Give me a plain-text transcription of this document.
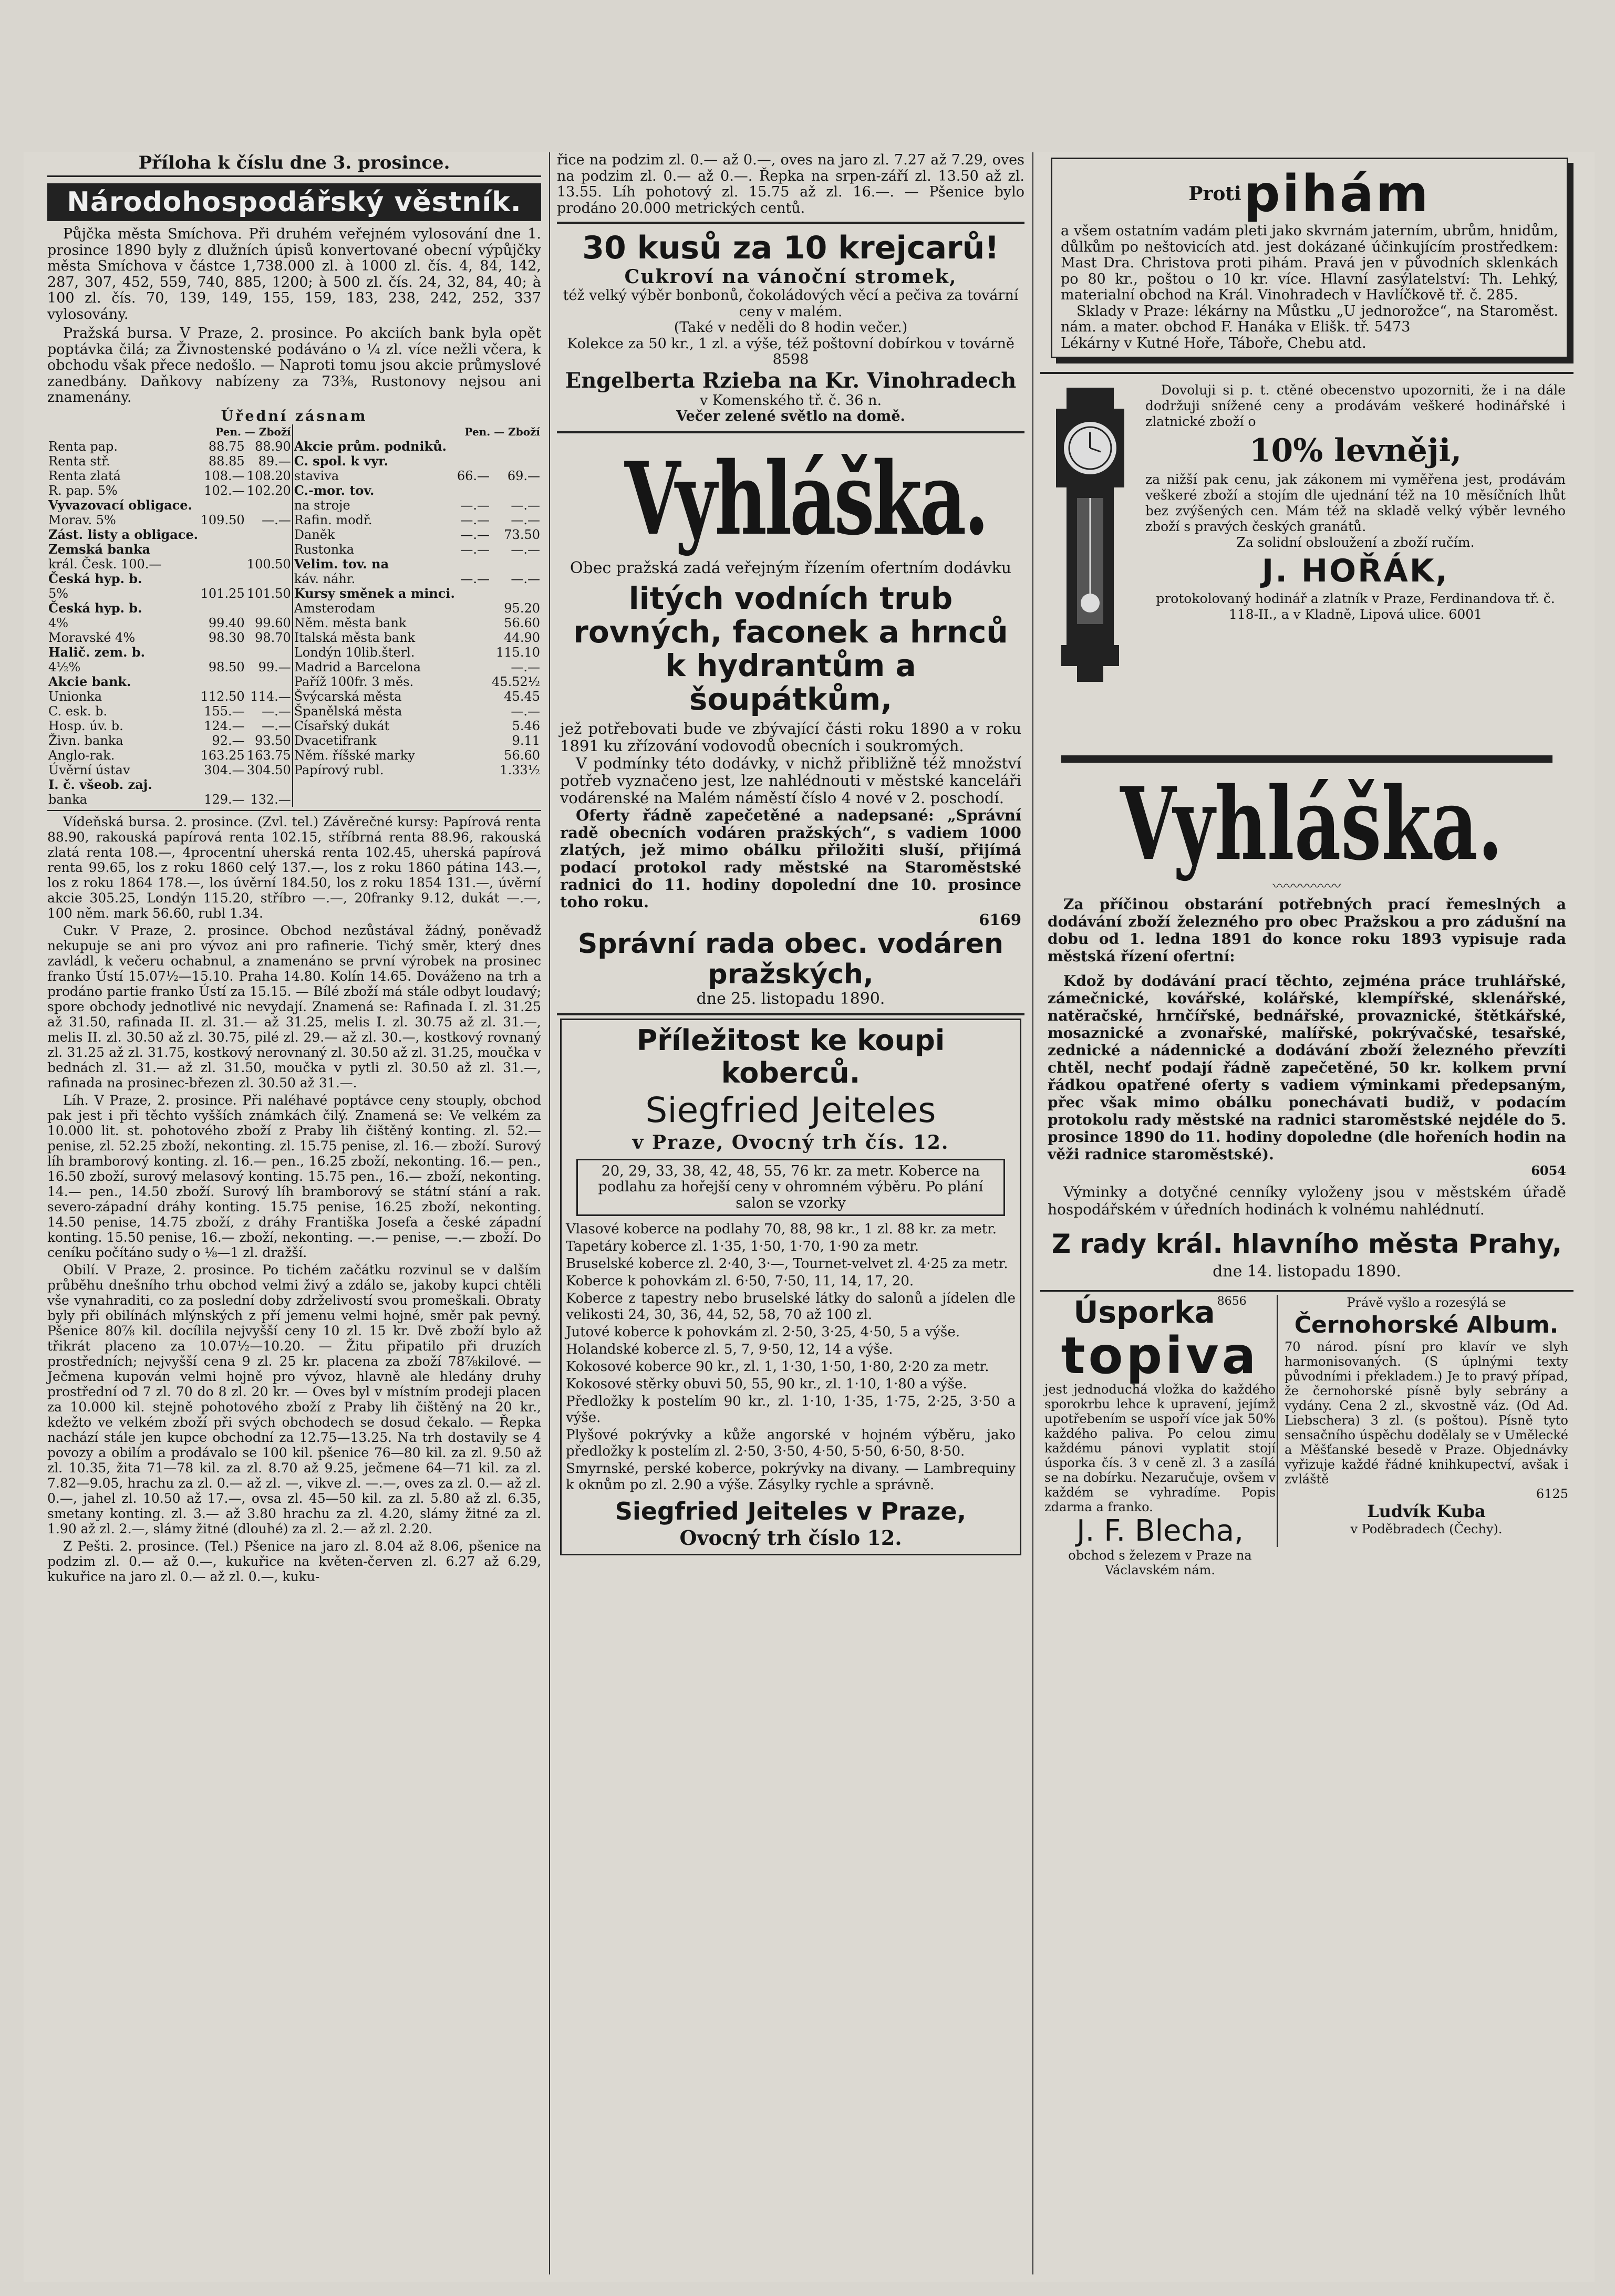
Příloha k číslu dne 3. prosince.
Národohospodářský věstník.

Půjčka města Smíchova. Při druhém veřejném vylosování dne 1. prosince 1890 byly z dlužních úpisů konvertované obecní výpůjčky města Smíchova v částce 1,738.000 zl. à 1000 zl. čís. 4, 84, 142, 287, 307, 452, 559, 740, 885, 1200; à 500 zl. čís. 24, 32, 84, 40; à 100 zl. čís. 70, 139, 149, 155, 159, 183, 238, 242, 252, 337 vylosovány.

Pražská bursa. V Praze, 2. prosince. Po akciích bank byla opět poptávka čilá; za Živnostenské podáváno o ¼ zl. více nežli včera, k obchodu však přece nedošlo. — Naproti tomu jsou akcie průmyslové zanedbány. Daňkovy nabízeny za 73⅜, Rustonovy nejsou ani znamenány.

Úřední zásnam
	Pen. — Zboží
Renta pap.	88.75	88.90
Renta stř.	88.85	89.—
Renta zlatá	108.—	108.20
R. pap. 5%	102.—	102.20
Vyvazovací obligace.		
Morav. 5%	109.50	—.—
Zást. listy a obligace.		
Zemská banka		
král. Česk. 100.—		100.50
Česká hyp. b.		
5%	101.25	101.50
Česká hyp. b.		
4%	99.40	99.60
Moravské 4%	98.30	98.70
Halič. zem. b.		
4½%	98.50	99.—
Akcie bank.		
Unionka	112.50	114.—
C. esk. b.	155.—	—.—
Hosp. úv. b.	124.—	—.—
Živn. banka	92.—	93.50
Anglo-rak.	163.25	163.75
Úvěrní ústav	304.—	304.50
I. č. všeob. zaj.		
banka	129.—	132.—

	Pen. — Zboží
Akcie prům. podniků.		
C. spol. k vyr.		
staviva	66.—	69.—
C.-mor. tov.		
na stroje	—.—	—.—
Rafin. modř.	—.—	—.—
Daněk	—.—	73.50
Rustonka	—.—	—.—
Velim. tov. na		
káv. náhr.	—.—	—.—
Kursy směnek a minci.		
Amsterodam		95.20
Něm. města bank		56.60
Italská města bank		44.90
Londýn 10lib.šterl.		115.10
Madrid a Barcelona		—.—
Paříž 100fr. 3 měs.		45.52½
Švýcarská města		45.45
Španělská města		—.—
Císařský dukát		5.46
Dvacetifrank		9.11
Něm. říšské marky		56.60
Papírový rubl.		1.33½

Vídeňská bursa. 2. prosince. (Zvl. tel.) Závěrečné kursy: Papírová renta 88.90, rakouská papírová renta 102.15, stříbrná renta 88.96, rakouská zlatá renta 108.—, 4procentní uherská renta 102.45, uherská papírová renta 99.65, los z roku 1860 celý 137.—, los z roku 1860 pátina 143.—, los z roku 1864 178.—, los úvěrní 184.50, los z roku 1854 131.—, úvěrní akcie 305.25, Londýn 115.20, stříbro —.—, 20franky 9.12, dukát —.—, 100 něm. mark 56.60, rubl 1.34.

Cukr. V Praze, 2. prosince. Obchod nezůstával žádný, poněvadž nekupuje se ani pro vývoz ani pro rafinerie. Tichý směr, který dnes zavládl, k večeru ochabnul, a znamenáno se první výrobek na prosinec franko Ústí 15.07½—15.10. Praha 14.80. Kolín 14.65. Dováženo na trh a prodáno partie franko Ústí za 15.15. — Bílé zboží má stále odbyt loudavý; spore obchody jednotlivé nic nevydají. Znamená se: Rafinada I. zl. 31.25 až 31.50, rafinada II. zl. 31.— až 31.25, melis I. zl. 30.75 až zl. 31.—, melis II. zl. 30.50 až zl. 30.75, pilé zl. 29.— až zl. 30.—, kostkový rovnaný zl. 31.25 až zl. 31.75, kostkový nerovnaný zl. 30.50 až zl. 31.25, moučka v bednách zl. 31.— až zl. 31.50, moučka v pytli zl. 30.50 až zl. 31.—, rafinada na prosinec-březen zl. 30.50 až 31.—.

Líh. V Praze, 2. prosince. Při naléhavé poptávce ceny stouply, obchod pak jest i při těchto vyšších známkách čilý. Znamená se: Ve velkém za 10.000 lit. st. pohotového zboží z Praby lih čištěný konting. zl. 52.— penise, zl. 52.25 zboží, nekonting. zl. 15.75 penise, zl. 16.— zboží. Surový líh bramborový konting. zl. 16.— pen., 16.25 zboží, nekonting. 16.— pen., 16.50 zboží, surový melasový konting. 15.75 pen., 16.— zboží, nekonting. 14.— pen., 14.50 zboží. Surový líh bramborový se státní stání a rak. severo-západní dráhy konting. 15.75 penise, 16.25 zboží, nekonting. 14.50 penise, 14.75 zboží, z dráhy Františka Josefa a české západní konting. 15.50 penise, 16.— zboží, nekonting. —.— penise, —.— zboží. Do ceníku počítáno sudy o ⅛—1 zl. dražší.

Obilí. V Praze, 2. prosince. Po tichém začátku rozvinul se v dalším průběhu dnešního trhu obchod velmi živý a zdálo se, jakoby kupci chtěli vše vynahraditi, co za poslední doby zdrželivostí svou promeškali. Obraty byly při obilínách mlýnských z pří jemenu velmi hojné, směr pak pevný. Pšenice 80⅞ kil. docílila nejvyšší ceny 10 zl. 15 kr. Dvě zboží bylo až třikrát placeno za 10.07½—10.20. — Žitu připatilo při druzích prostředních; nejvyšší cena 9 zl. 25 kr. placena za zboží 78⅞kilové. — Ječmena kupován velmi hojně pro vývoz, hlavně ale hledány druhy prostřední od 7 zl. 70 do 8 zl. 20 kr. — Oves byl v místním prodeji placen za 10.000 kil. stejně pohotového zboží z Praby lih čištěný na 20 kr., kdežto ve velkém zboží při svých obchodech se dosud čekalo. — Řepka nachází stále jen kupce obchodní za 12.75—13.25. Na trh dostavily se 4 povozy a obilím a prodávalo se 100 kil. pšenice 76—80 kil. za zl. 9.50 až zl. 10.35, žita 71—78 kil. za zl. 8.70 až 9.25, ječmene 64—71 kil. za zl. 7.82—9.05, hrachu za zl. 0.— až zl. —, vikve zl. —.—, oves za zl. 0.— až zl. 0.—, jahel zl. 10.50 až 17.—, ovsa zl. 45—50 kil. za zl. 5.80 až zl. 6.35, smetany konting. zl. 3.— až 3.80 hrachu za zl. 4.20, slámy žitné za zl. 1.90 až zl. 2.—, slámy žitné (dlouhé) za zl. 2.— až zl. 2.20.

Z Pešti. 2. prosince. (Tel.) Pšenice na jaro zl. 8.04 až 8.06, pšenice na podzim zl. 0.— až 0.—, kukuřice na květen-červen zl. 6.27 až 6.29, kukuřice na jaro zl. 0.— až zl. 0.—, kuku-

řice na podzim zl. 0.— až 0.—, oves na jaro zl. 7.27 až 7.29, oves na podzim zl. 0.— až 0.—. Řepka na srpen-září zl. 13.50 až zl. 13.55. Líh pohotový zl. 15.75 až zl. 16.—. — Pšenice bylo prodáno 20.000 metrických centů.

30 kusů za 10 krejcarů!
Cukroví na vánoční stromek,

též velký výběr bonbonů, čokoládových věcí a pečiva za tovární ceny v malém.

(Také v neděli do 8 hodin večer.)

Kolekce za 50 kr., 1 zl. a výše, též poštovní dobírkou v továrně 8598

Engelberta Rzieba na Kr. Vinohradech

v Komenského tř. č. 36 n.

Večer zelené světlo na domě.

Vyhláška.

Obec pražská zadá veřejným řízením ofertním dodávku

litých vodních trub rovných, faconek a hrnců k hydrantům a šoupátkům,

jež potřebovati bude ve zbývající části roku 1890 a v roku 1891 ku zřízování vodovodů obecních i soukromých.

V podmínky této dodávky, v nichž přibližně též množství potřeb vyznačeno jest, lze nahlédnouti v městské kanceláři vodárenské na Malém náměstí číslo 4 nové v 2. poschodí.

Oferty řádně zapečetěné a nadepsané: „Správní radě obecních vodáren pražských“, s vadiem 1000 zlatých, jež mimo obálku přiložiti sluší, přijímá podací protokol rady městské na Staroměstské radnici do 11. hodiny dopolední dne 10. prosince toho roku.

6169
Správní rada obec. vodáren pražských,
dne 25. listopadu 1890.
Příležitost ke koupi koberců.
Siegfried Jeiteles
v Praze, Ovocný trh čís. 12.

20, 29, 33, 38, 42, 48, 55, 76 kr. za metr. Koberce na podlahu za hořejší ceny v ohromném výběru. Po plání salon se vzorky

Vlasové koberce na podlahy 70, 88, 98 kr., 1 zl. 88 kr. za metr.

Tapetáry koberce zl. 1·35, 1·50, 1·70, 1·90 za metr.

Bruselské koberce zl. 2·40, 3·—, Tournet-velvet zl. 4·25 za metr.

Koberce k pohovkám zl. 6·50, 7·50, 11, 14, 17, 20.

Koberce z tapestry nebo bruselské látky do salonů a jídelen dle velikosti 24, 30, 36, 44, 52, 58, 70 až 100 zl.

Jutové koberce k pohovkám zl. 2·50, 3·25, 4·50, 5 a výše.

Holandské koberce zl. 5, 7, 9·50, 12, 14 a výše.

Kokosové koberce 90 kr., zl. 1, 1·30, 1·50, 1·80, 2·20 za metr.

Kokosové stěrky obuvi 50, 55, 90 kr., zl. 1·10, 1·80 a výše.

Předložky k postelím 90 kr., zl. 1·10, 1·35, 1·75, 2·25, 3·50 a výše.

Plyšové pokrývky a kůže angorské v hojném výběru, jako předložky k postelím zl. 2·50, 3·50, 4·50, 5·50, 6·50, 8·50.

Smyrnské, perské koberce, pokrývky na divany. — Lambrequiny k oknům po zl. 2.90 a výše. Zásylky rychle a správně.

Siegfried Jeiteles v Praze,
Ovocný trh číslo 12.
Proti pihám

a všem ostatním vadám pleti jako skvrnám jaterním, ubrům, hnidům, důlkům po neštovicích atd. jest dokázané účinkujícím prostředkem: Mast Dra. Christova proti pihám. Pravá jen v původních sklenkách po 80 kr., poštou o 10 kr. více. Hlavní zasýlatelství: Th. Lehký, materialní obchod na Král. Vinohradech v Havlíčkově tř. č. 285.

Sklady v Praze: lékárny na Můstku „U jednorožce“, na Staroměst. nám. a mater. obchod F. Hanáka v Elišk. tř. 5473

Lékárny v Kutné Hoře, Táboře, Chebu atd.

Dovoluji si p. t. ctěné obecenstvo upozorniti, že i na dále dodržuji snížené ceny a prodávám veškeré hodinářské i zlatnické zboží o

10% levněji,

za nižší pak cenu, jak zákonem mi vyměřena jest, prodávám veškeré zboží a stojím dle ujednání též na 10 měsíčních lhůt bez zvýšených cen. Mám též na skladě velký výběr levného zboží s pravých českých granátů.

Za solidní obsloužení a zboží ručím.

J. HOŘÁK,

protokolovaný hodinář a zlatník v Praze, Ferdinandova tř. č. 118-II., a v Kladně, Lipová ulice. 6001

Vyhláška.
〰〰〰〰〰

Za příčinou obstarání potřebných prací řemeslných a dodávání zboží železného pro obec Pražskou a pro zádušní na dobu od 1. ledna 1891 do konce roku 1893 vypisuje rada městská řízení ofertní:

Kdož by dodávání prací těchto, zejména práce truhlářské, zámečnické, kovářské, kolářské, klempířské, sklenářské, natěračské, hrnčířské, bednářské, provaznické, štětkářské, mosaznické a zvonařské, malířské, pokrývačské, tesařské, zednické a nádennické a dodávání zboží železného převzíti chtěl, nechť podají řádně zapečetěné, 50 kr. kolkem první řádkou opatřené oferty s vadiem výminkami předepsaným, přec však mimo obálku ponechávati budiž, v podacím protokolu rady městské na radnici staroměstské nejdéle do 5. prosince 1890 do 11. hodiny dopoledne (dle hořeních hodin na věži radnice staroměstské).

6054

Výminky a dotyčné cenníky vyloženy jsou v městském úřadě hospodářském v úředních hodinách k volnému nahlédnutí.

Z rady král. hlavního města Prahy,
dne 14. listopadu 1890.
Úsporka 8656
topiva

jest jednoduchá vložka do každého sporokrbu lehce k upravení, jejímž upotřebením se uspoří více jak 50% každého paliva. Po celou zimu každému pánovi vyplatit stojí úsporka čís. 3 v ceně zl. 3 a zasílá se na dobírku. Nezaručuje, ovšem v každém se vyhradíme. Popis zdarma a franko.

J. F. Blecha,

obchod s železem v Praze na Václavském nám.

Právě vyšlo a rozesýlá se

Černohorské Album.

70 národ. písní pro klavír ve slyh harmonisovaných. (S úplnými texty původními i překladem.) Je to pravý případ, že černohorské písně byly sebrány a vydány. Cena 2 zl., skvostně váz. (Od Ad. Liebschera) 3 zl. (s poštou). Písně tyto sensačního úspěchu dodělaly se v Umělecké a Měšťanské besedě v Praze. Objednávky vyřizuje každé řádné knihkupectví, avšak i zvláště

6125
Ludvík Kuba

v Poděbradech (Čechy).
